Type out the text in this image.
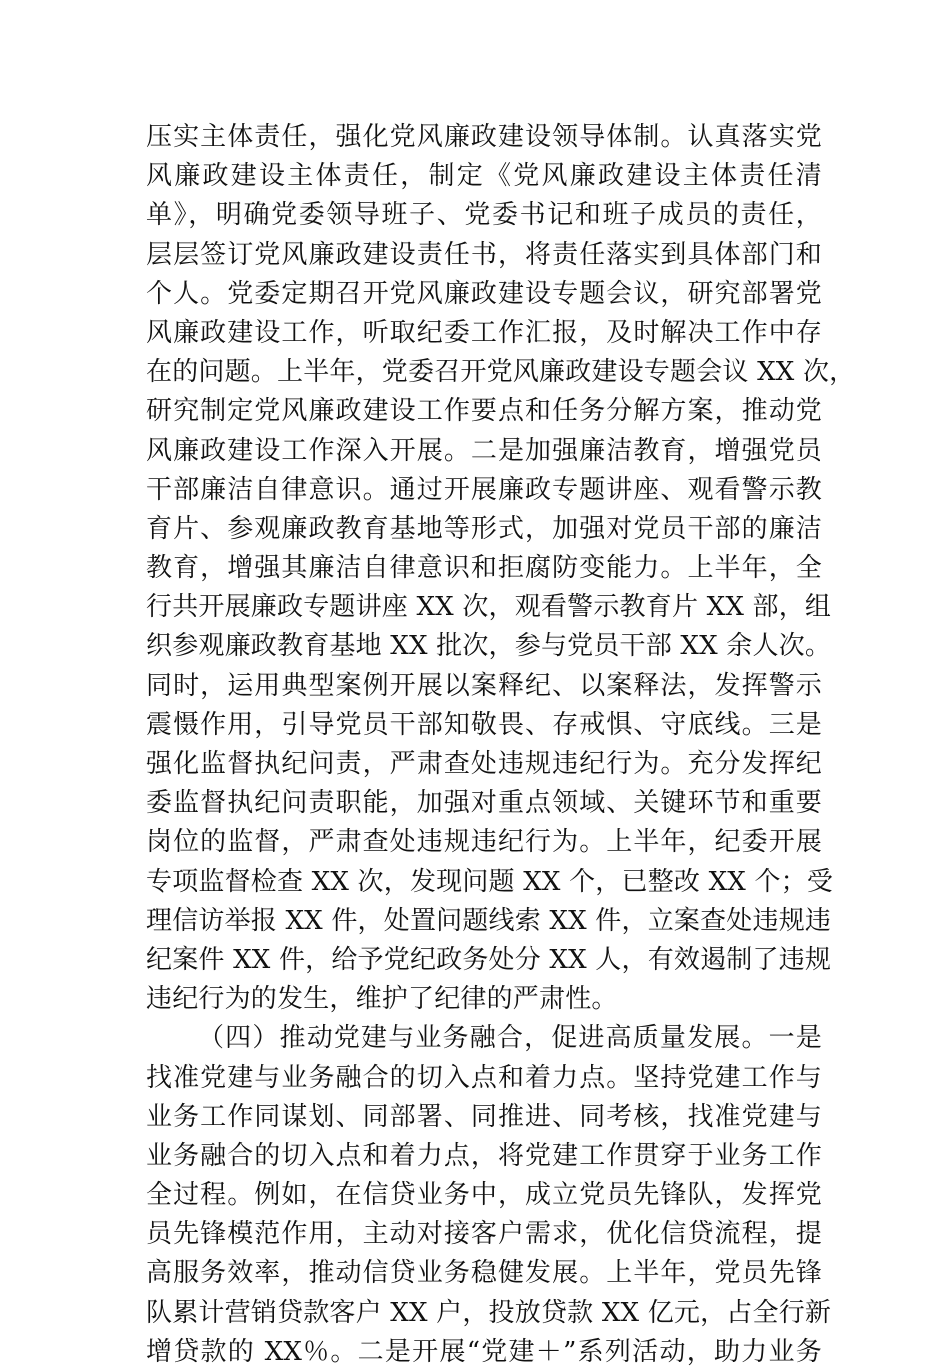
压实主体责任，强化党风廉政建设领导体制。认真落实党
风廉政建设主体责任，制定《党风廉政建设主体责任清
单》，明确党委领导班子、党委书记和班子成员的责任，
层层签订党风廉政建设责任书，将责任落实到具体部门和
个人。党委定期召开党风廉政建设专题会议，研究部署党
风廉政建设工作，听取纪委工作汇报，及时解决工作中存
在的问题。上半年，党委召开党风廉政建设专题会议 XX 次，
研究制定党风廉政建设工作要点和任务分解方案，推动党
风廉政建设工作深入开展。二是加强廉洁教育，增强党员
干部廉洁自律意识。通过开展廉政专题讲座、观看警示教
育片、参观廉政教育基地等形式，加强对党员干部的廉洁
教育，增强其廉洁自律意识和拒腐防变能力。上半年，全
行共开展廉政专题讲座 XX 次，观看警示教育片 XX 部，组
织参观廉政教育基地 XX 批次，参与党员干部 XX 余人次。
同时，运用典型案例开展以案释纪、以案释法，发挥警示
震慑作用，引导党员干部知敬畏、存戒惧、守底线。三是
强化监督执纪问责，严肃查处违规违纪行为。充分发挥纪
委监督执纪问责职能，加强对重点领域、关键环节和重要
岗位的监督，严肃查处违规违纪行为。上半年，纪委开展
专项监督检查 XX 次，发现问题 XX 个，已整改 XX 个；受
理信访举报 XX 件，处置问题线索 XX 件，立案查处违规违
纪案件 XX 件，给予党纪政务处分 XX 人，有效遏制了违规
违纪行为的发生，维护了纪律的严肃性。
（四）推动党建与业务融合，促进高质量发展。一是
找准党建与业务融合的切入点和着力点。坚持党建工作与
业务工作同谋划、同部署、同推进、同考核，找准党建与
业务融合的切入点和着力点，将党建工作贯穿于业务工作
全过程。例如，在信贷业务中，成立党员先锋队，发挥党
员先锋模范作用，主动对接客户需求，优化信贷流程，提
高服务效率，推动信贷业务稳健发展。上半年，党员先锋
队累计营销贷款客户 XX 户，投放贷款 XX 亿元，占全行新
增贷款的 XX％。二是开展“党建＋”系列活动，助力业务
